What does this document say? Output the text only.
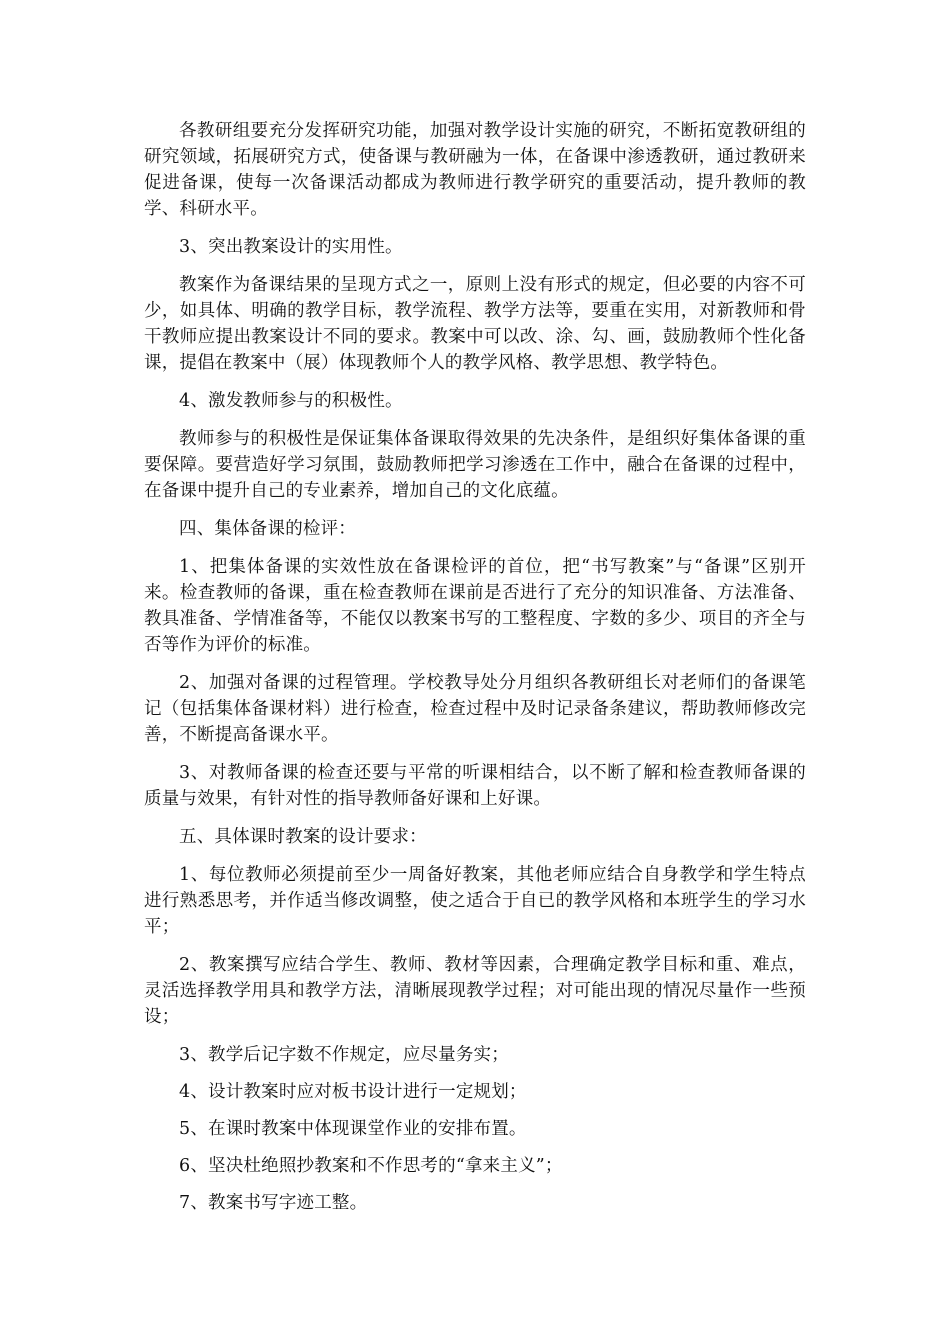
各教研组要充分发挥研究功能，加强对教学设计实施的研究，不断拓宽教研组的研究领域，拓展研究方式，使备课与教研融为一体，在备课中渗透教研，通过教研来促进备课，使每一次备课活动都成为教师进行教学研究的重要活动，提升教师的教学、科研水平。

3、突出教案设计的实用性。

教案作为备课结果的呈现方式之一，原则上没有形式的规定，但必要的内容不可少，如具体、明确的教学目标，教学流程、教学方法等，要重在实用，对新教师和骨干教师应提出教案设计不同的要求。教案中可以改、涂、勾、画，鼓励教师个性化备课，提倡在教案中（展）体现教师个人的教学风格、教学思想、教学特色。

4、激发教师参与的积极性。

教师参与的积极性是保证集体备课取得效果的先决条件，是组织好集体备课的重要保障。要营造好学习氛围，鼓励教师把学习渗透在工作中，融合在备课的过程中，在备课中提升自己的专业素养，增加自己的文化底蕴。

四、集体备课的检评：

1、把集体备课的实效性放在备课检评的首位，把“书写教案”与“备课”区别开来。检查教师的备课，重在检查教师在课前是否进行了充分的知识准备、方法准备、教具准备、学情准备等，不能仅以教案书写的工整程度、字数的多少、项目的齐全与否等作为评价的标准。

2、加强对备课的过程管理。学校教导处分月组织各教研组长对老师们的备课笔记（包括集体备课材料）进行检查，检查过程中及时记录备条建议，帮助教师修改完善，不断提高备课水平。

3、对教师备课的检查还要与平常的听课相结合，以不断了解和检查教师备课的质量与效果，有针对性的指导教师备好课和上好课。

五、具体课时教案的设计要求：

1、每位教师必须提前至少一周备好教案，其他老师应结合自身教学和学生特点进行熟悉思考，并作适当修改调整，使之适合于自已的教学风格和本班学生的学习水平；

2、教案撰写应结合学生、教师、教材等因素，合理确定教学目标和重、难点，灵活选择教学用具和教学方法，清晰展现教学过程；对可能出现的情况尽量作一些预设；

3、教学后记字数不作规定，应尽量务实；

4、设计教案时应对板书设计进行一定规划；

5、在课时教案中体现课堂作业的安排布置。

6、坚决杜绝照抄教案和不作思考的“拿来主义”；

7、教案书写字迹工整。
